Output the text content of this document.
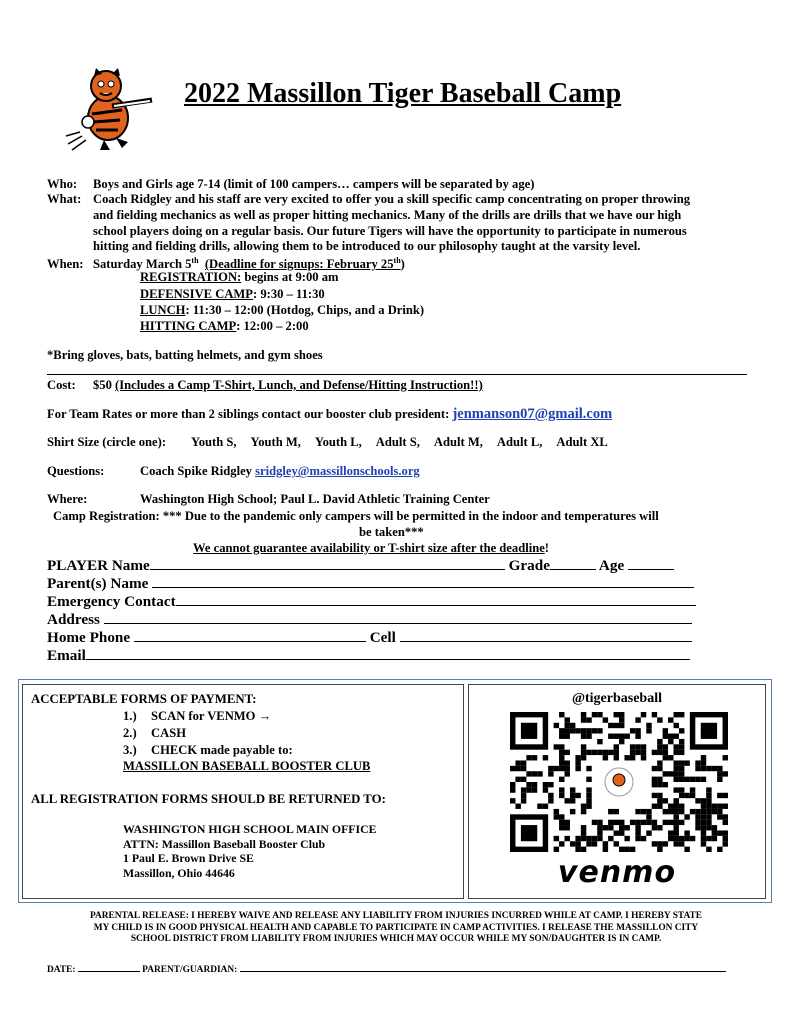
2022 Massillon Tiger Baseball Camp
Who: Boys and Girls age 7-14 (limit of 100 campers… campers will be separated by age)
What: Coach Ridgley and his staff are very excited to offer you a skill specific camp concentrating on proper throwing
and fielding mechanics as well as proper hitting mechanics. Many of the drills are drills that we have our high
school players doing on a regular basis. Our future Tigers will have the opportunity to participate in numerous
hitting and fielding drills, allowing them to be introduced to our philosophy taught at the varsity level.
When: Saturday March 5th (Deadline for signups: February 25th)
REGISTRATION: begins at 9:00 am
DEFENSIVE CAMP: 9:30 – 11:30
LUNCH: 11:30 – 12:00 (Hotdog, Chips, and a Drink)
HITTING CAMP: 12:00 – 2:00
*Bring gloves, bats, batting helmets, and gym shoes
Cost: $50 (Includes a Camp T-Shirt, Lunch, and Defense/Hitting Instruction!!)
For Team Rates or more than 2 siblings contact our booster club president: jenmanson07@gmail.com
Shirt Size (circle one): Youth S, Youth M, Youth L, Adult S, Adult M, Adult L, Adult XL
Questions:	Coach Spike Ridgley sridgley@massillonschools.org
Where:	Washington High School; Paul L. David Athletic Training Center
Camp Registration: *** Due to the pandemic only campers will be permitted in the indoor and temperatures will
be taken***
We cannot guarantee availability or T-shirt size after the deadline!
PLAYER Name	Grade	Age
Parent(s) Name
Emergency Contact
Address
Home Phone	Cell
Email
ACCEPTABLE FORMS OF PAYMENT:
1.) SCAN for VENMO →
2.) CASH
3.) CHECK made payable to:
MASSILLON BASEBALL BOOSTER CLUB
ALL REGISTRATION FORMS SHOULD BE RETURNED TO:
WASHINGTON HIGH SCHOOL MAIN OFFICE
ATTN: Massillon Baseball Booster Club
1 Paul E. Brown Drive SE
Massillon, Ohio 44646
@tigerbaseball
venmo
PARENTAL RELEASE: I HEREBY WAIVE AND RELEASE ANY LIABILITY FROM INJURIES INCURRED WHILE AT CAMP. I HEREBY STATE
MY CHILD IS IN GOOD PHYSICAL HEALTH AND CAPABLE TO PARTICIPATE IN CAMP ACTIVITIES. I RELEASE THE MASSILLON CITY
SCHOOL DISTRICT FROM LIABILITY FROM INJURIES WHICH MAY OCCUR WHILE MY SON/DAUGHTER IS IN CAMP.
DATE:	PARENT/GUARDIAN:
